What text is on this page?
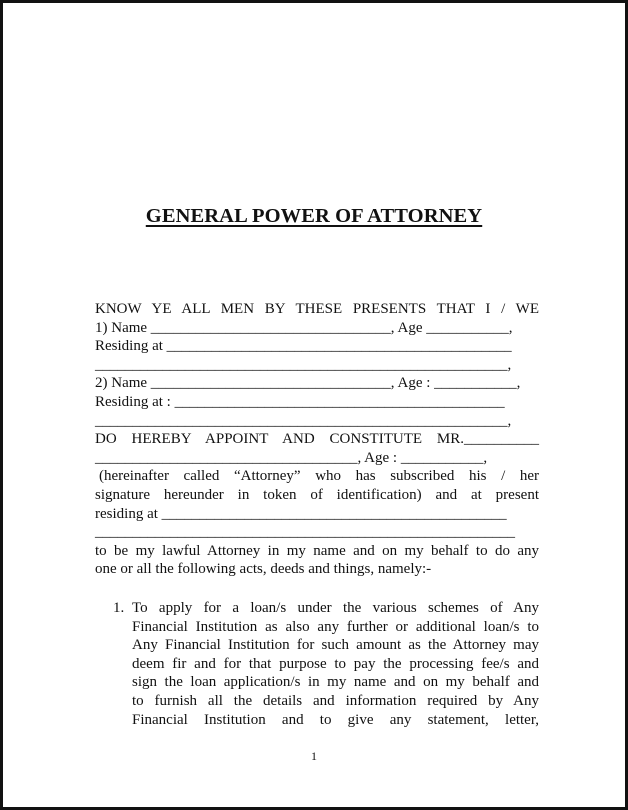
GENERAL POWER OF ATTORNEY
KNOW YE ALL MEN BY THESE PRESENTS THAT I / WE
1) Name ________________________________, Age ___________,
Residing at ______________________________________________
_______________________________________________________,
2) Name ________________________________, Age : ___________,
Residing at : ____________________________________________
_______________________________________________________,
DO HEREBY APPOINT AND CONSTITUTE MR.__________
___________________________________, Age : ___________,
(hereinafter called “Attorney” who has subscribed his / her
signature hereunder in token of identification) and at present
residing at ______________________________________________
________________________________________________________
to be my lawful Attorney in my name and on my behalf to do any
one or all the following acts, deeds and things, namely:-
1. To apply for a loan/s under the various schemes of Any
Financial Institution as also any further or additional loan/s to
Any Financial Institution for such amount as the Attorney may
deem fir and for that purpose to pay the processing fee/s and
sign the loan application/s in my name and on my behalf and
to furnish all the details and information required by Any
Financial Institution and to give any statement, letter,
1
